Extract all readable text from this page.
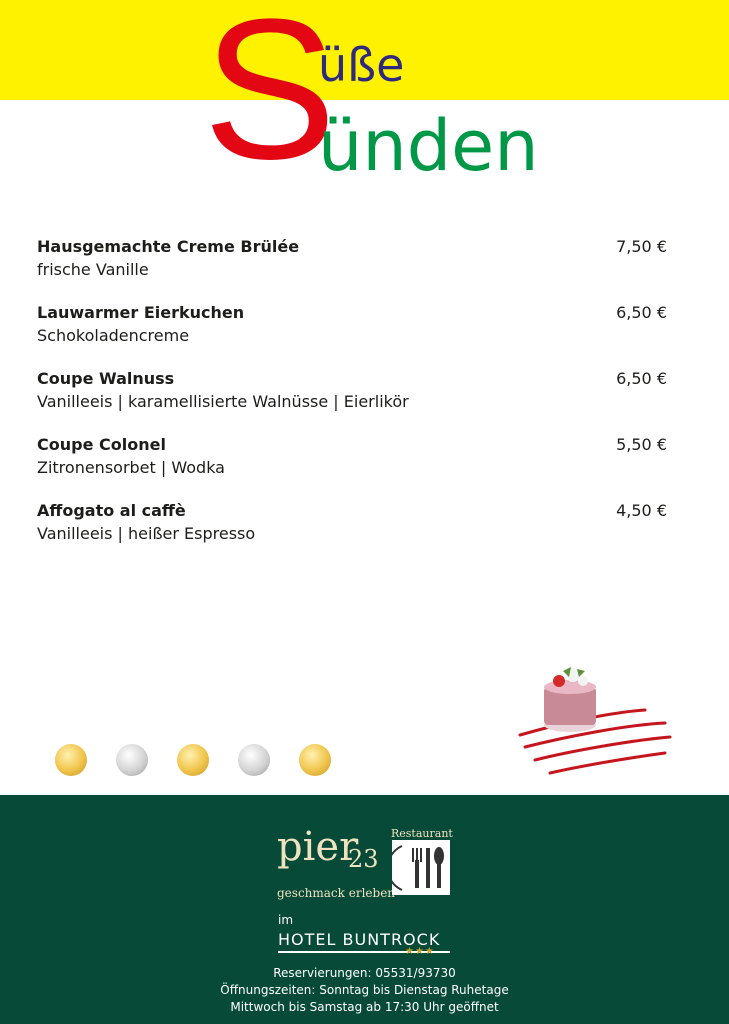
S
üße
ünden
Hausgemachte Creme Brülée
frische Vanille
7,50 €
Lauwarmer Eierkuchen
Schokoladencreme
6,50 €
Coupe Walnuss
Vanilleeis | karamellisierte Walnüsse | Eierlikör
6,50 €
Coupe Colonel
Zitronensorbet | Wodka
5,50 €
Affogato al caffè
Vanilleeis | heißer Espresso
4,50 €
pier
23
geschmack erleben
Restaurant
im
HOTEL BUNTROCK
★★★
Reservierungen: 05531/93730
Öffnungszeiten: Sonntag bis Dienstag Ruhetage
Mittwoch bis Samstag ab 17:30 Uhr geöffnet
